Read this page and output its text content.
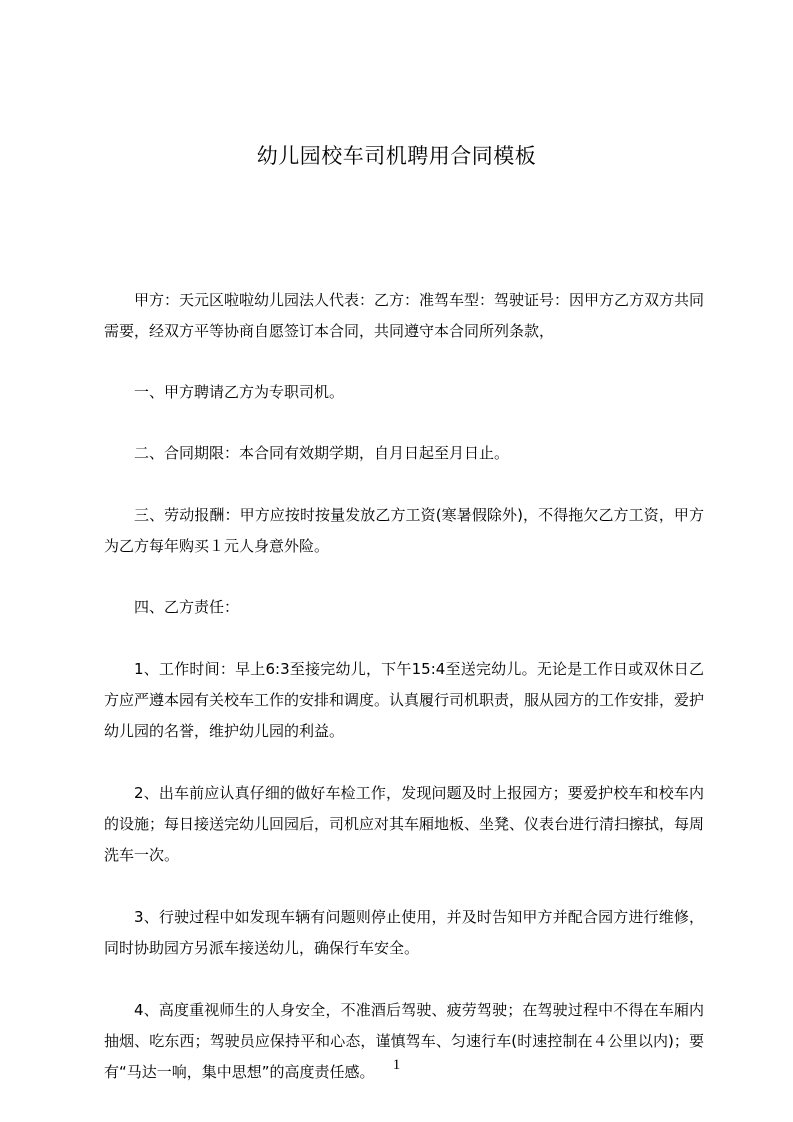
幼儿园校车司机聘用合同模板

甲方：天元区啦啦幼儿园法人代表：乙方：准驾车型：驾驶证号：因甲方乙方双方共同需要，经双方平等协商自愿签订本合同，共同遵守本合同所列条款，

一、甲方聘请乙方为专职司机。

二、合同期限：本合同有效期学期，自月日起至月日止。

三、劳动报酬：甲方应按时按量发放乙方工资(寒暑假除外)，不得拖欠乙方工资，甲方为乙方每年购买１元人身意外险。

四、乙方责任：

1、工作时间：早上6:3至接完幼儿，下午15:4至送完幼儿。无论是工作日或双休日乙方应严遵本园有关校车工作的安排和调度。认真履行司机职责，服从园方的工作安排，爱护幼儿园的名誉，维护幼儿园的利益。

2、出车前应认真仔细的做好车检工作，发现问题及时上报园方；要爱护校车和校车内的设施；每日接送完幼儿回园后，司机应对其车厢地板、坐凳、仪表台进行清扫擦拭，每周洗车一次。

3、行驶过程中如发现车辆有问题则停止使用，并及时告知甲方并配合园方进行维修，同时协助园方另派车接送幼儿，确保行车安全。

4、高度重视师生的人身安全，不准酒后驾驶、疲劳驾驶；在驾驶过程中不得在车厢内抽烟、吃东西；驾驶员应保持平和心态，谨慎驾车、匀速行车(时速控制在４公里以内)；要有“马达一响，集中思想”的高度责任感。	1
